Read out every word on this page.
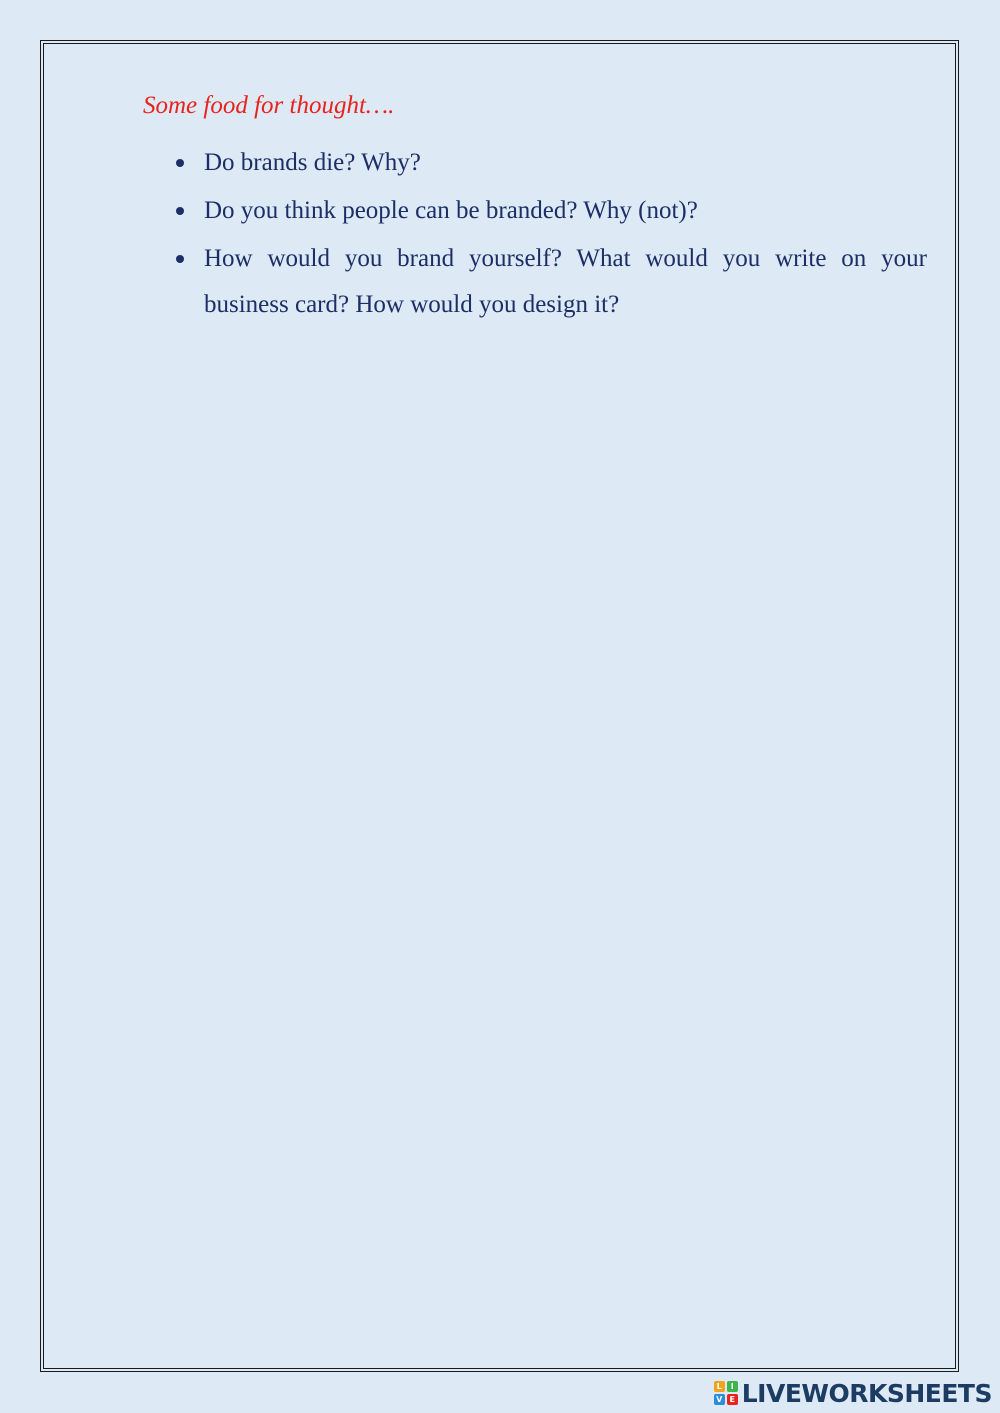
Some food for thought….
Do brands die? Why?
Do you think people can be branded? Why (not)?
How would you brand yourself? What would you write on your business card? How would you design it?
L	I
V E LIVEWORKSHEETS
